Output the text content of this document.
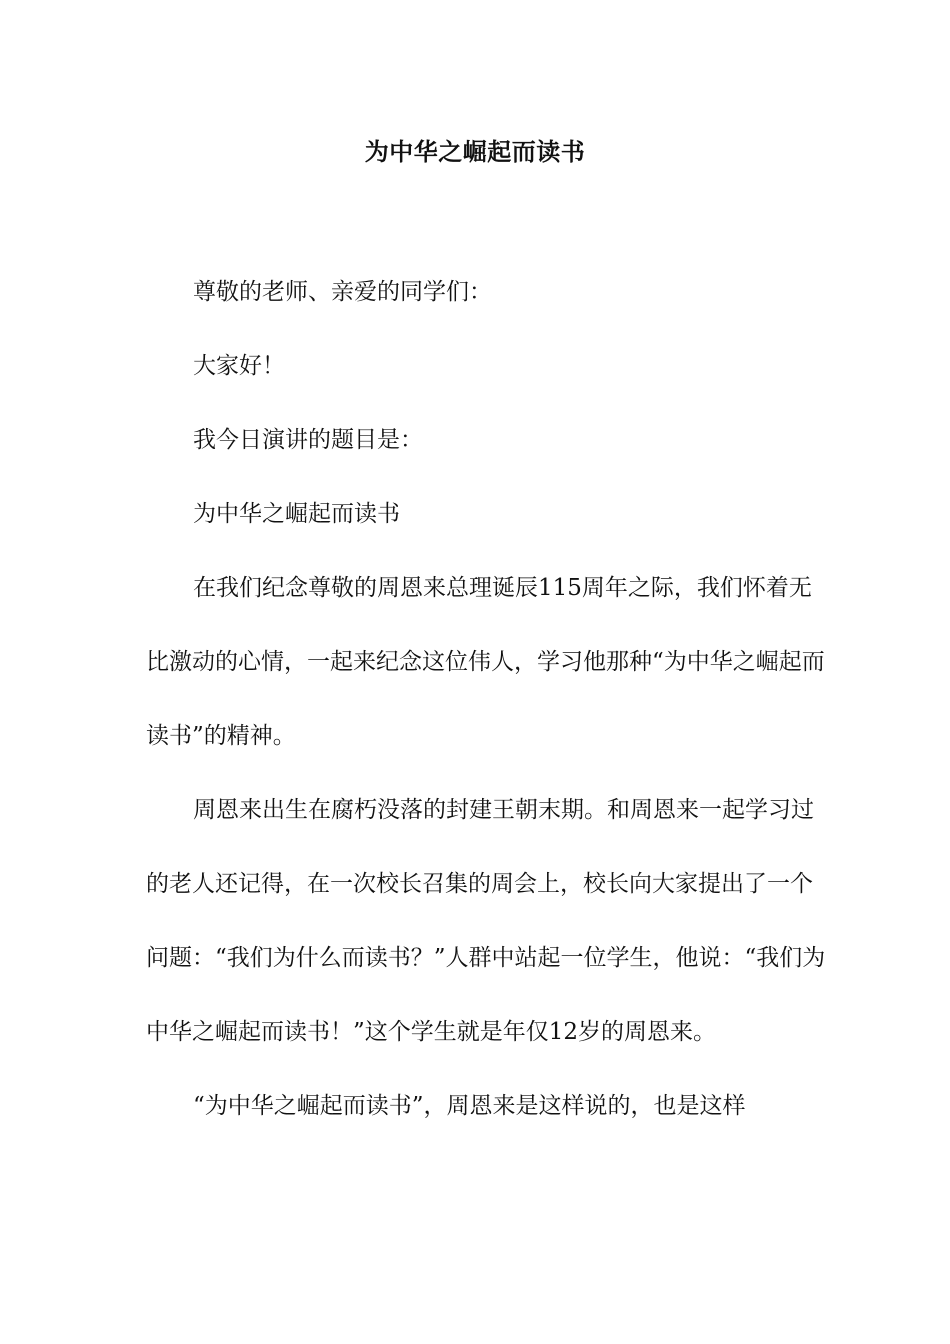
为中华之崛起而读书

尊敬的老师、亲爱的同学们：

大家好！

我今日演讲的题目是：

为中华之崛起而读书

在我们纪念尊敬的周恩来总理诞辰115周年之际，我们怀着无比激动的心情，一起来纪念这位伟人，学习他那种“为中华之崛起而读书”的精神。

周恩来出生在腐朽没落的封建王朝末期。和周恩来一起学习过的老人还记得，在一次校长召集的周会上，校长向大家提出了一个问题：“我们为什么而读书？”人群中站起一位学生，他说：“我们为中华之崛起而读书！”这个学生就是年仅12岁的周恩来。

“为中华之崛起而读书”，周恩来是这样说的，也是这样
